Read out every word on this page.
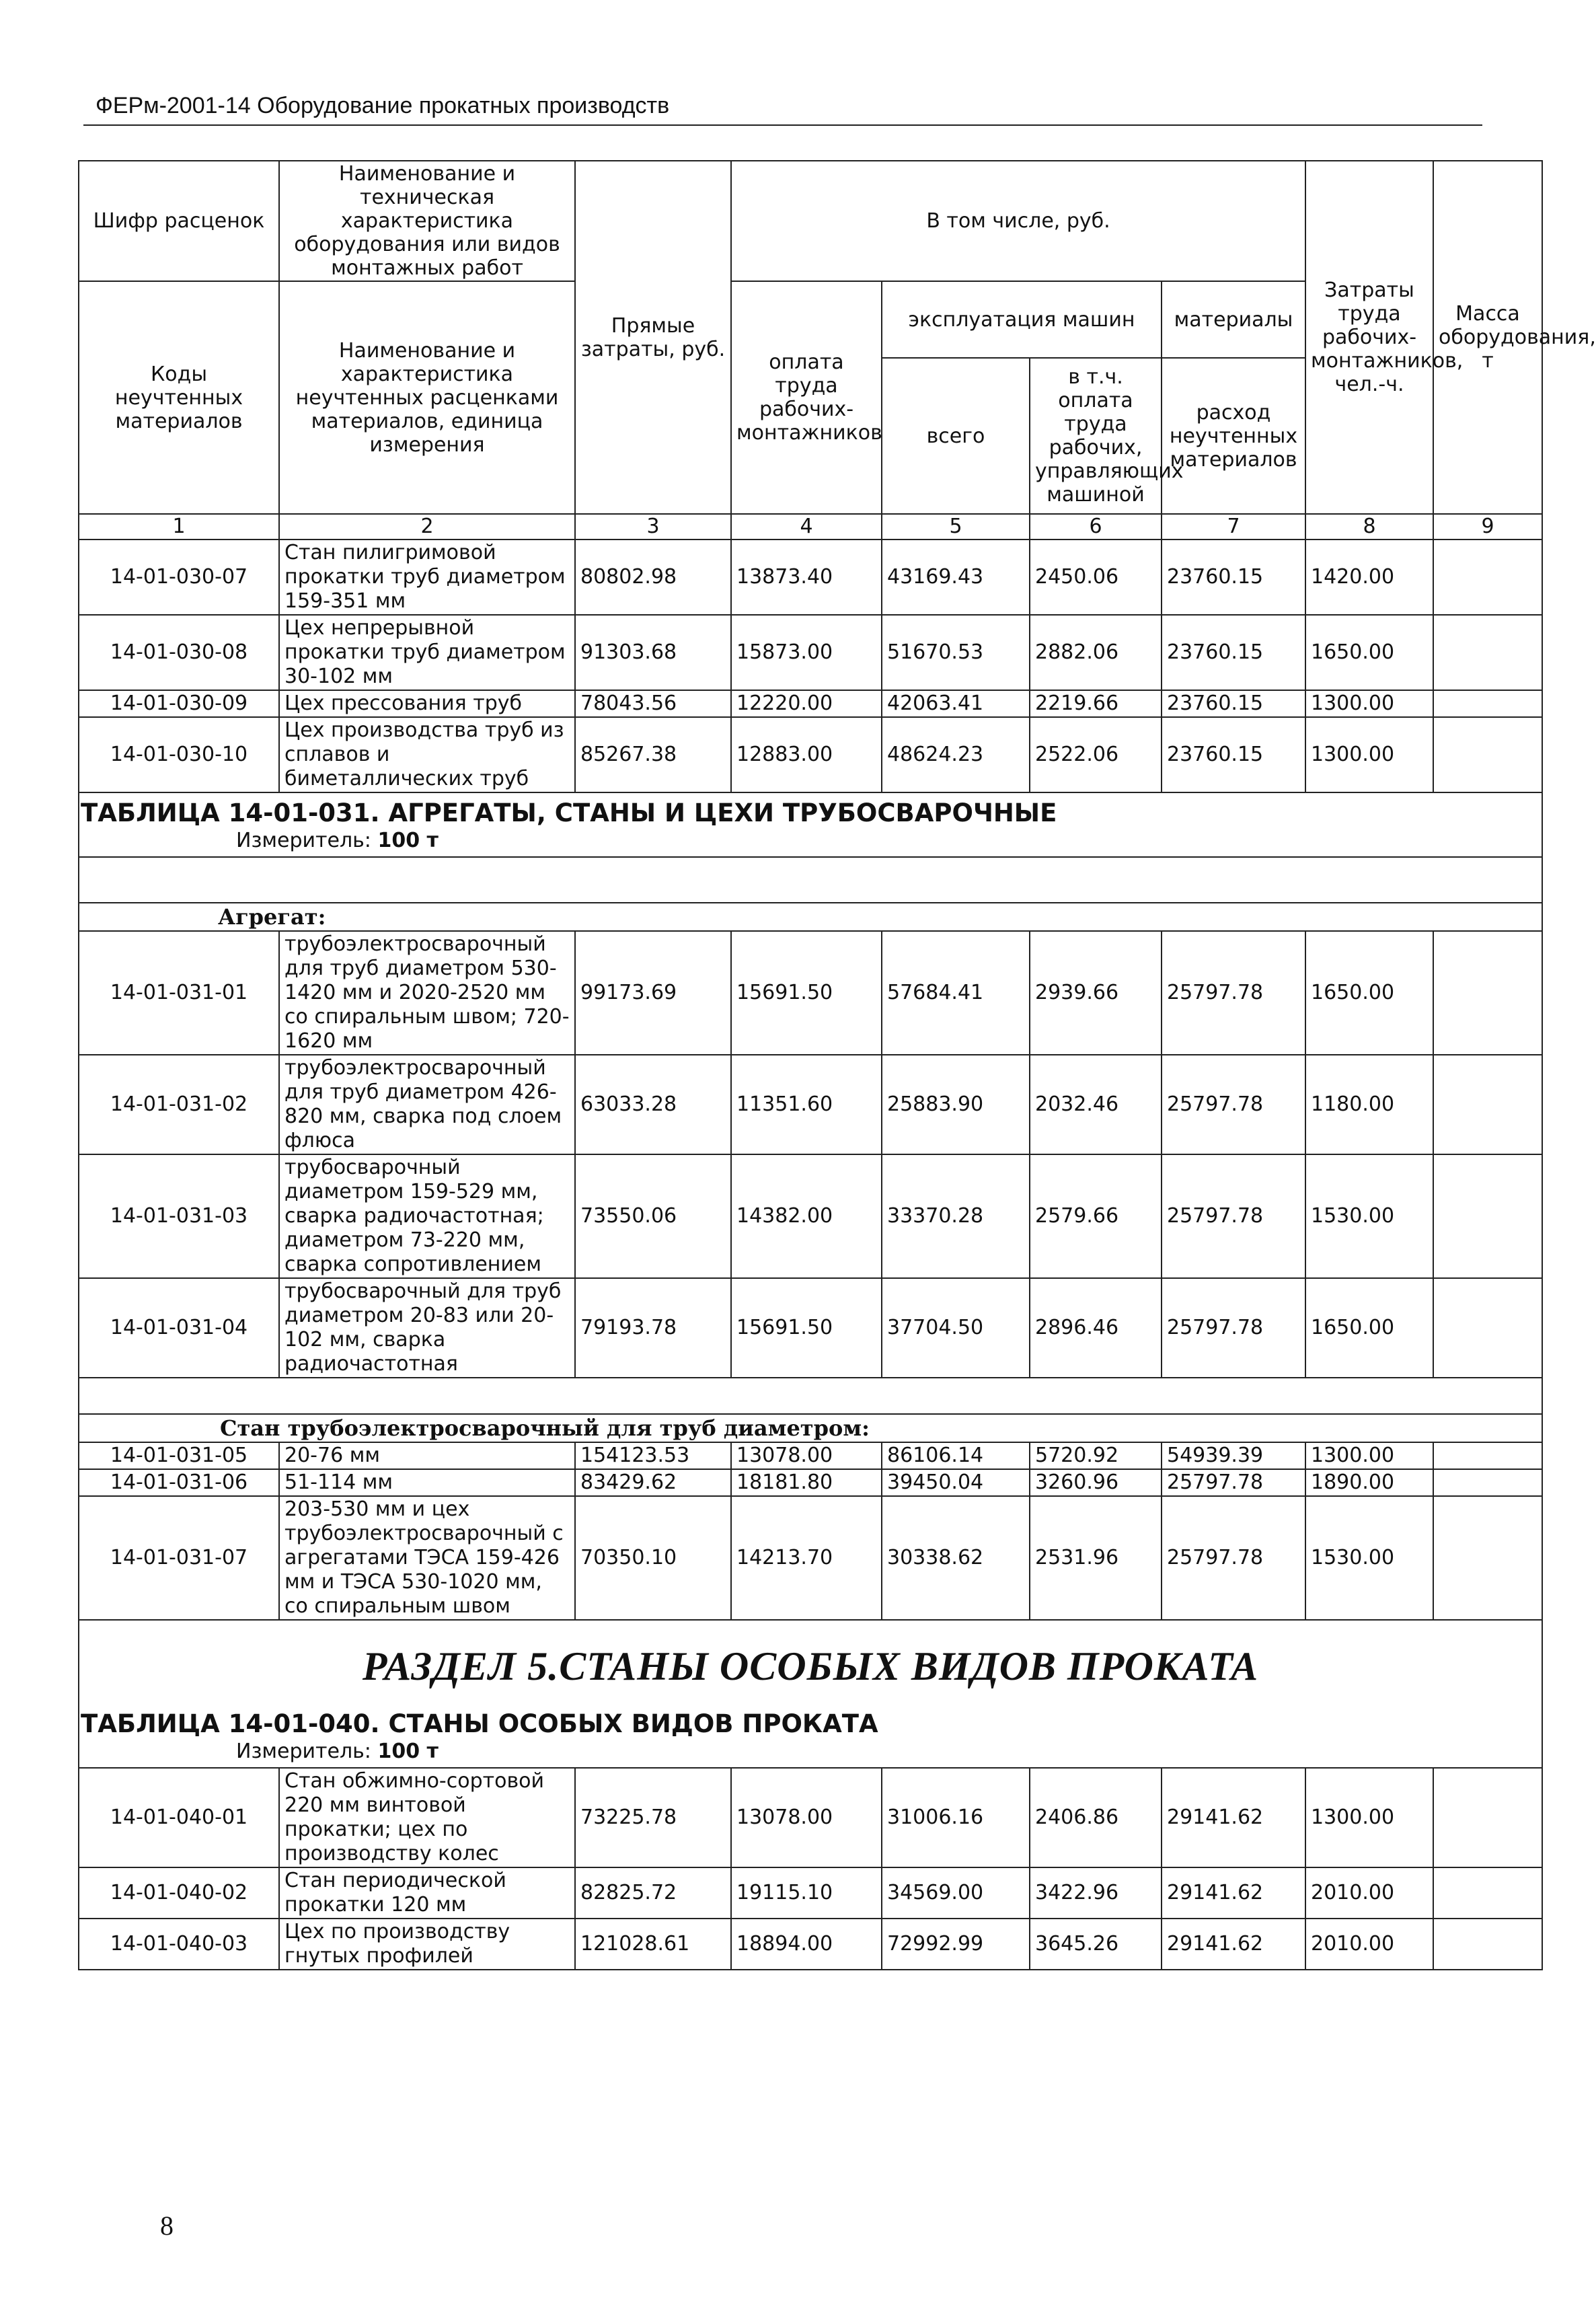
ФЕРм-2001-14 Оборудование прокатных производств
Шифр расценок	Наименование и техническая характеристика оборудования или видов монтажных работ	Прямые затраты, руб.	В том числе, руб.				Затраты труда рабочих-монтажников, чел.-ч.	Масса оборудования, т
Коды неучтенных материалов	Наименование и характеристика неучтенных расценками материалов, единица измерения		оплата труда рабочих-монтажников	эксплуатация машин		материалы		
				всего	в т.ч. оплата труда рабочих, управляющих машиной	расход неучтенных материалов		
1	2	3	4	5	6	7	8	9
14-01-030-07	Стан пилигримовой прокатки труб диаметром 159-351 мм	80802.98	13873.40	43169.43	2450.06	23760.15	1420.00	
14-01-030-08	Цех непрерывной прокатки труб диаметром 30-102 мм	91303.68	15873.00	51670.53	2882.06	23760.15	1650.00	
14-01-030-09	Цех прессования труб	78043.56	12220.00	42063.41	2219.66	23760.15	1300.00	
14-01-030-10	Цех производства труб из сплавов и биметаллических труб	85267.38	12883.00	48624.23	2522.06	23760.15	1300.00	

ТАБЛИЦА 14-01-031. АГРЕГАТЫ, СТАНЫ И ЦЕХИ ТРУБОСВАРОЧНЫЕ
Измеритель: 100 т								

Агрегат:								

14-01-031-01	трубоэлектросварочный для труб диаметром 530-1420 мм и 2020-2520 мм со спиральным швом; 720-1620 мм	99173.69	15691.50	57684.41	2939.66	25797.78	1650.00	
14-01-031-02	трубоэлектросварочный для труб диаметром 426-820 мм, сварка под слоем флюса	63033.28	11351.60	25883.90	2032.46	25797.78	1180.00	
14-01-031-03	трубосварочный диаметром 159-529 мм, сварка радиочастотная; диаметром 73-220 мм, сварка сопротивлением	73550.06	14382.00	33370.28	2579.66	25797.78	1530.00	
14-01-031-04	трубосварочный для труб диаметром 20-83 или 20-102 мм, сварка радиочастотная	79193.78	15691.50	37704.50	2896.46	25797.78	1650.00	

Стан трубоэлектросварочный для труб диаметром:								

14-01-031-05	20-76 мм	154123.53	13078.00	86106.14	5720.92	54939.39	1300.00	
14-01-031-06	51-114 мм	83429.62	18181.80	39450.04	3260.96	25797.78	1890.00	
14-01-031-07	203-530 мм и цех трубоэлектросварочный с агрегатами ТЭСА 159-426 мм и ТЭСА 530-1020 мм, со спиральным швом	70350.10	14213.70	30338.62	2531.96	25797.78	1530.00	

РАЗДЕЛ 5.СТАНЫ ОСОБЫХ ВИДОВ ПРОКАТА
ТАБЛИЦА 14-01-040. СТАНЫ ОСОБЫХ ВИДОВ ПРОКАТА
Измеритель: 100 т								

14-01-040-01	Стан обжимно-сортовой 220 мм винтовой прокатки; цех по производству колес	73225.78	13078.00	31006.16	2406.86	29141.62	1300.00	
14-01-040-02	Стан периодической прокатки 120 мм	82825.72	19115.10	34569.00	3422.96	29141.62	2010.00	
14-01-040-03	Цех по производству гнутых профилей	121028.61	18894.00	72992.99	3645.26	29141.62	2010.00	
8
